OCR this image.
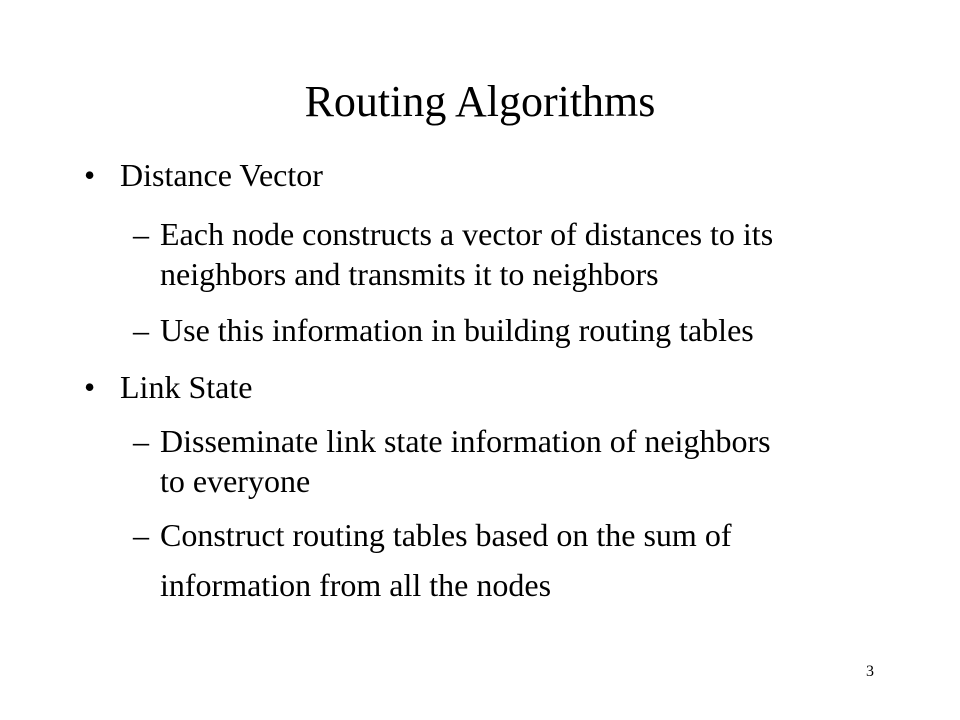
Routing Algorithms
• Distance Vector
– Each node constructs a vector of distances to its
neighbors and transmits it to neighbors
– Use this information in building routing tables
• Link State
– Disseminate link state information of neighbors
to everyone
– Construct routing tables based on the sum of
information from all the nodes
3
